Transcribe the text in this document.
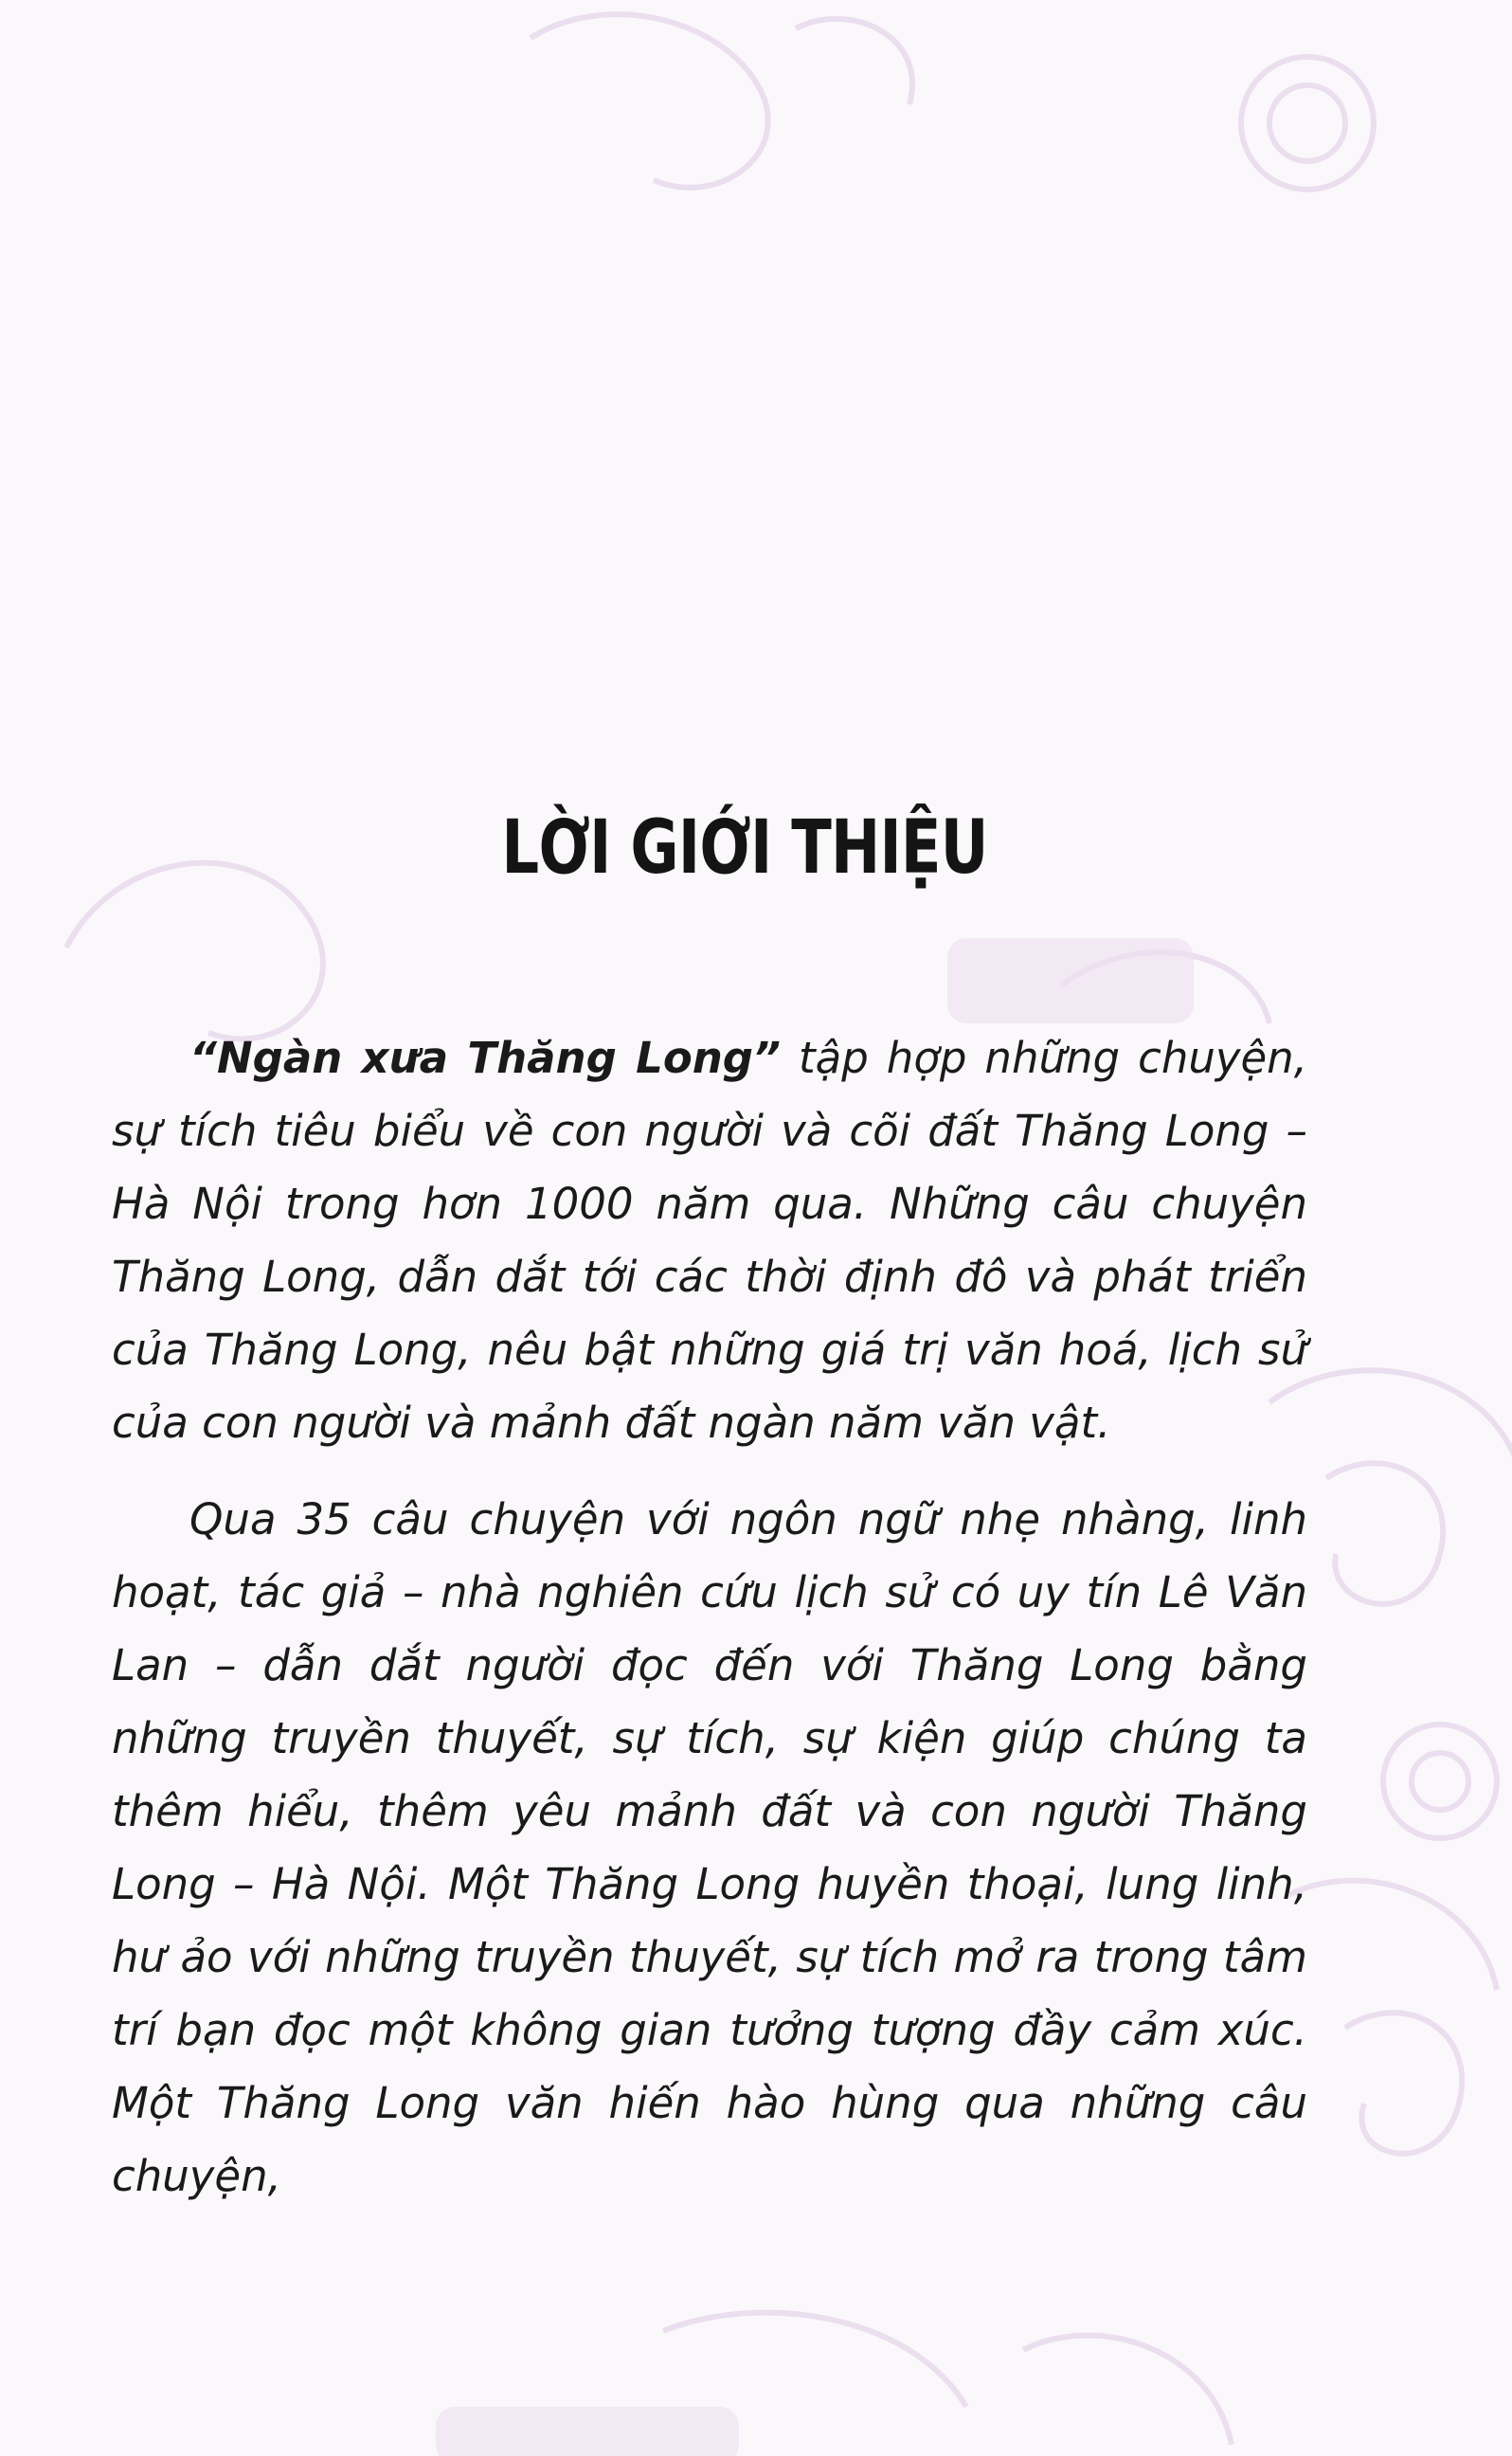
LỜI GIỚI THIỆU

“Ngàn xưa Thăng Long” tập hợp những chuyện, sự tích tiêu biểu về con người và cõi đất Thăng Long – Hà Nội trong hơn 1000 năm qua. Những câu chuyện Thăng Long, dẫn dắt tới các thời định đô và phát triển của Thăng Long, nêu bật những giá trị văn hoá, lịch sử của con người và mảnh đất ngàn năm văn vật.

Qua 35 câu chuyện với ngôn ngữ nhẹ nhàng, linh hoạt, tác giả – nhà nghiên cứu lịch sử có uy tín Lê Văn Lan – dẫn dắt người đọc đến với Thăng Long bằng những truyền thuyết, sự tích, sự kiện giúp chúng ta thêm hiểu, thêm yêu mảnh đất và con người Thăng Long – Hà Nội. Một Thăng Long huyền thoại, lung linh, hư ảo với những truyền thuyết, sự tích mở ra trong tâm trí bạn đọc một không gian tưởng tượng đầy cảm xúc. Một Thăng Long văn hiến hào hùng qua những câu chuyện,
